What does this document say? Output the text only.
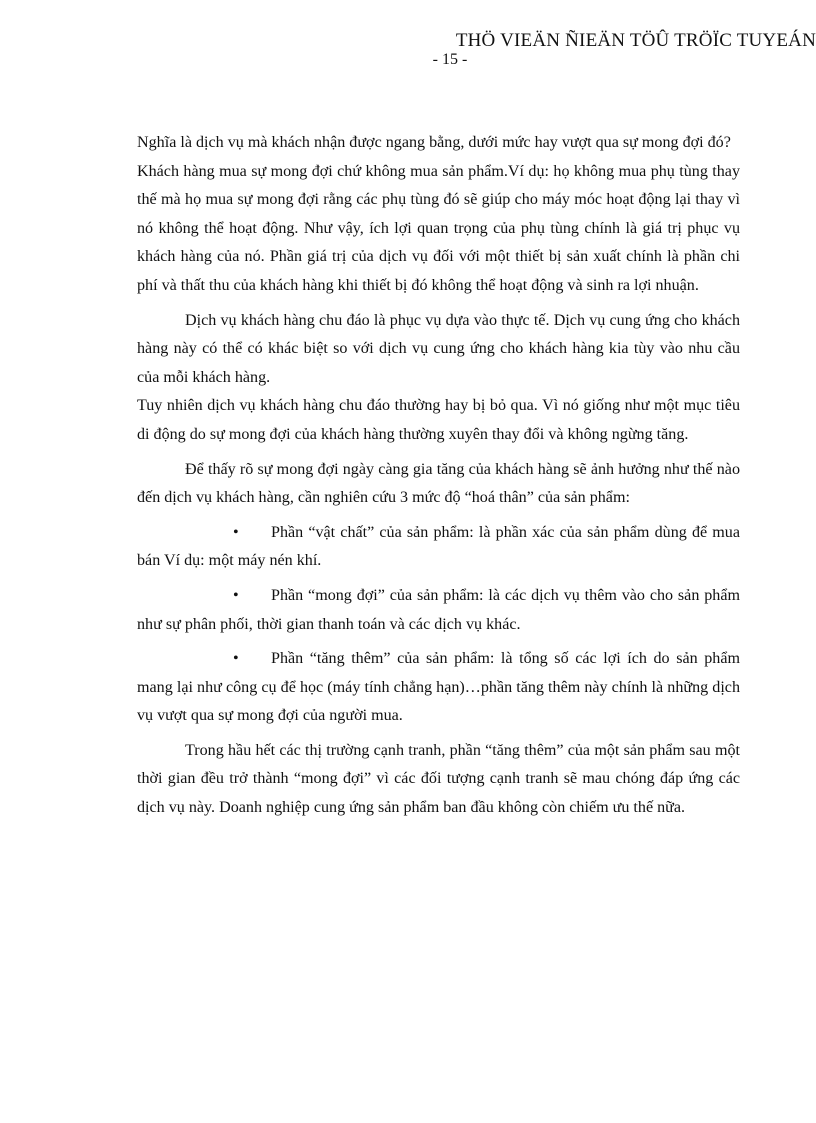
THÖ VIEÄN ÑIEÄN TÖÛ TRÖÏC TUYEÁN
- 15 -

Nghĩa là dịch vụ mà khách nhận được ngang bằng, dưới mức hay vượt qua sự mong đợi đó?

Khách hàng mua sự mong đợi chứ không mua sản phẩm.Ví dụ: họ không mua phụ tùng thay thế mà họ mua sự mong đợi rằng các phụ tùng đó sẽ giúp cho máy móc hoạt động lại thay vì nó không thể hoạt động. Như vậy, ích lợi quan trọng của phụ tùng chính là giá trị phục vụ khách hàng của nó. Phần giá trị của dịch vụ đối với một thiết bị sản xuất chính là phần chi phí và thất thu của khách hàng khi thiết bị đó không thể hoạt động và sinh ra lợi nhuận.

Dịch vụ khách hàng chu đáo là phục vụ dựa vào thực tế. Dịch vụ cung ứng cho khách hàng này có thể có khác biệt so với dịch vụ cung ứng cho khách hàng kia tùy vào nhu cầu của mỗi khách hàng.

Tuy nhiên dịch vụ khách hàng chu đáo thường hay bị bỏ qua. Vì nó giống như một mục tiêu di động do sự mong đợi của khách hàng thường xuyên thay đổi và không ngừng tăng.

Để thấy rõ sự mong đợi ngày càng gia tăng của khách hàng sẽ ảnh hưởng như thế nào đến dịch vụ khách hàng, cần nghiên cứu 3 mức độ “hoá thân” của sản phẩm:

• Phần “vật chất” của sản phẩm: là phần xác của sản phẩm dùng để mua bán Ví dụ: một máy nén khí.

• Phần “mong đợi” của sản phẩm: là các dịch vụ thêm vào cho sản phẩm như sự phân phối, thời gian thanh toán và các dịch vụ khác.

• Phần “tăng thêm” của sản phẩm: là tổng số các lợi ích do sản phẩm mang lại như công cụ để học (máy tính chẳng hạn)…phần tăng thêm này chính là những dịch vụ vượt qua sự mong đợi của người mua.

Trong hầu hết các thị trường cạnh tranh, phần “tăng thêm” của một sản phẩm sau một thời gian đều trở thành “mong đợi” vì các đối tượng cạnh tranh sẽ mau chóng đáp ứng các dịch vụ này. Doanh nghiệp cung ứng sản phẩm ban đầu không còn chiếm ưu thế nữa.
